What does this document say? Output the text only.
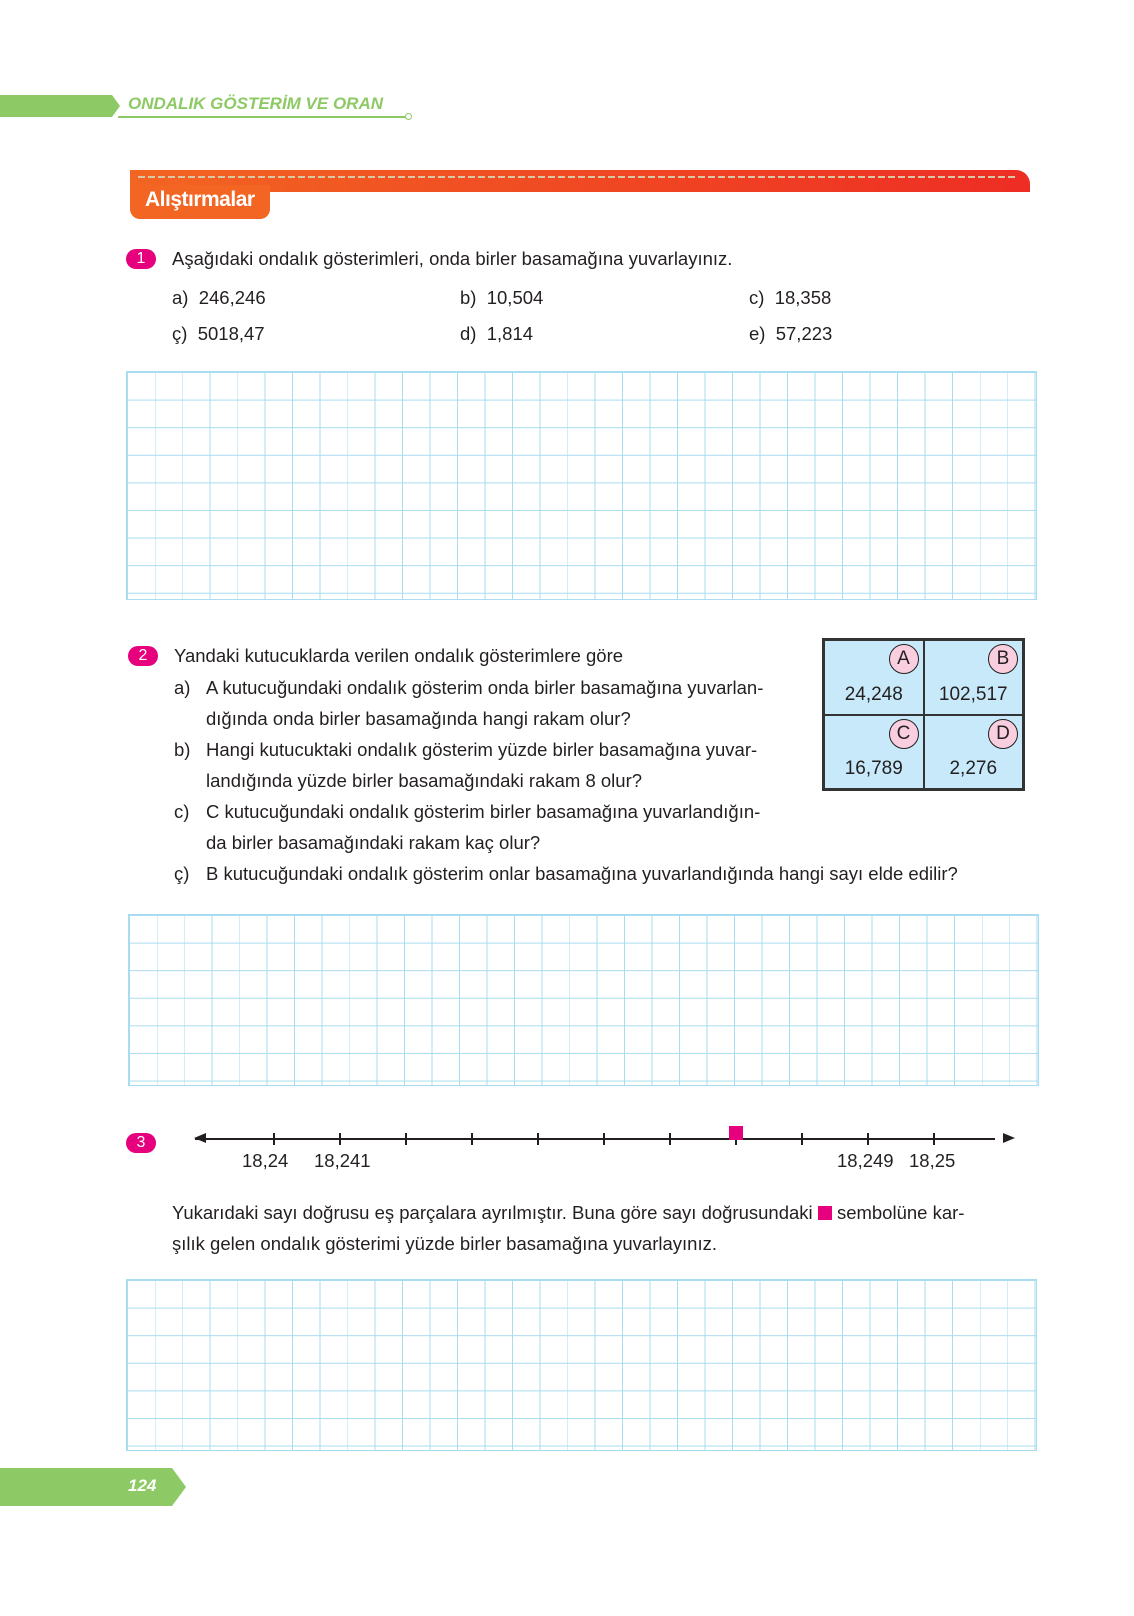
ONDALIK GÖSTERİM VE ORAN
Alıştırmalar
1	Aşağıdaki ondalık gösterimleri, onda birler basamağına yuvarlayınız.
a) 246,246	b) 10,504	c) 18,358
ç) 5018,47	d) 1,814	e) 57,223
2	Yandaki kutucuklarda verilen ondalık gösterimlere göre
a) A kutucuğundaki ondalık gösterim onda birler basamağına yuvarlan-
dığında onda birler basamağında hangi rakam olur?
b) Hangi kutucuktaki ondalık gösterim yüzde birler basamağına yuvar-
landığında yüzde birler basamağındaki rakam 8 olur?
c) C kutucuğundaki ondalık gösterim birler basamağına yuvarlandığın-
da birler basamağındaki rakam kaç olur?
ç) B kutucuğundaki ondalık gösterim onlar basamağına yuvarlandığında hangi sayı elde edilir?
A
24,248
B
102,517
C
16,789
D
2,276
3
18,24 18,241	18,249 18,25
Yukarıdaki sayı doğrusu eş parçalara ayrılmıştır. Buna göre sayı doğrusundaki sembolüne kar-
şılık gelen ondalık gösterimi yüzde birler basamağına yuvarlayınız.
124
